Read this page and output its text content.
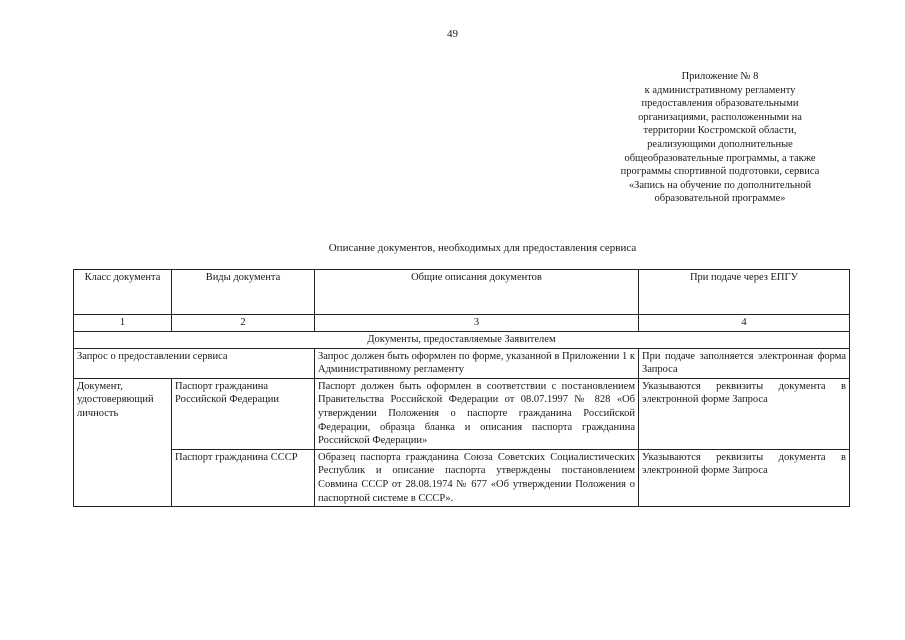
49
Приложение № 8
к административному регламенту
предоставления образовательными
организациями, расположенными на
территории Костромской области,
реализующими дополнительные
общеобразовательные программы, а также
программы спортивной подготовки, сервиса
«Запись на обучение по дополнительной
образовательной программе»
Описание документов, необходимых для предоставления сервиса
Класс документа	Виды документа	Общие описания документов	При подаче через ЕПГУ
1	2	3	4
Документы, предоставляемые Заявителем			
Запрос о предоставлении сервиса		Запрос должен быть оформлен по форме, указанной в Приложении 1 к Административному регламенту	При подаче заполняется электронная форма Запроса
Документ, удостоверяющий личность	Паспорт гражданина Российской Федерации	Паспорт должен быть оформлен в соответствии с постановлением Правительства Российской Федерации от 08.07.1997 № 828 «Об утверждении Положения о паспорте гражданина Российской Федерации, образца бланка и описания паспорта гражданина Российской Федерации»	Указываются реквизиты документа в электронной форме Запроса
	Паспорт гражданина СССР	Образец паспорта гражданина Союза Советских Социалистических Республик и описание паспорта утверждены постановлением Совмина СССР от 28.08.1974 № 677 «Об утверждении Положения о паспортной системе в СССР».	Указываются реквизиты документа в электронной форме Запроса
